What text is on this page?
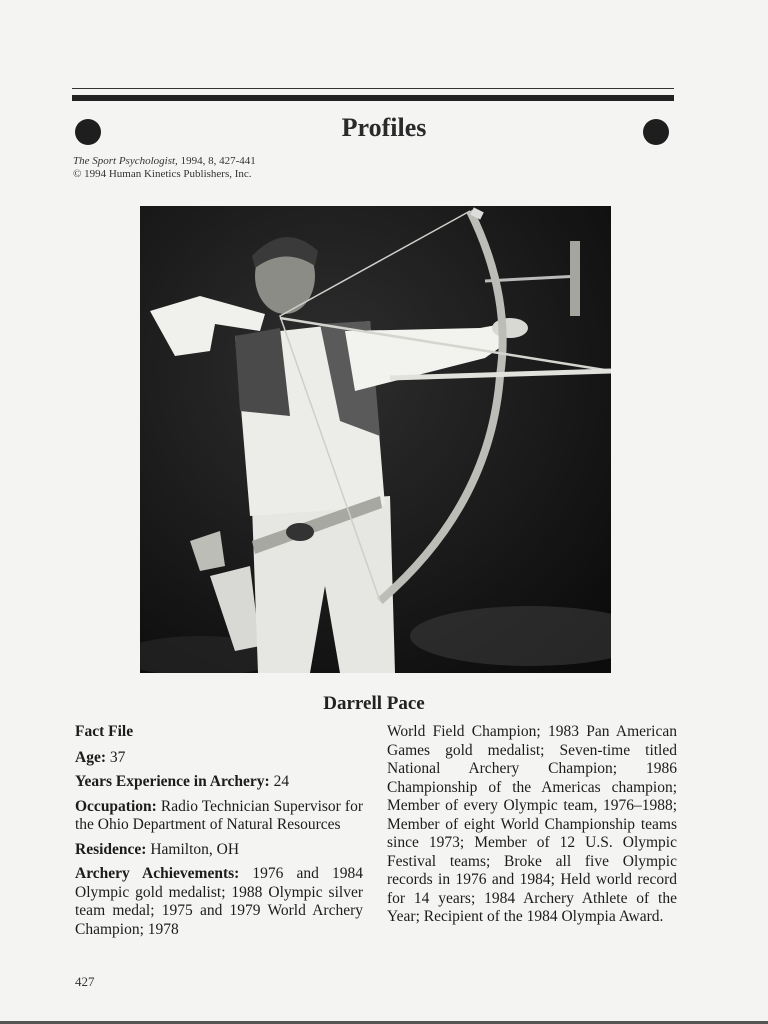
Profiles
The Sport Psychologist, 1994, 8, 427-441
© 1994 Human Kinetics Publishers, Inc.
Darrell Pace

Fact File

Age: 37

Years Experience in Archery: 24

Occupation: Radio Technician Supervisor for the Ohio Department of Natural Resources

Residence: Hamilton, OH

Archery Achievements: 1976 and 1984 Olympic gold medalist; 1988 Olympic silver team medal; 1975 and 1979 World Archery Champion; 1978

World Field Champion; 1983 Pan American Games gold medalist; Seven-time titled National Archery Champion; 1986 Championship of the Americas champion; Member of every Olympic team, 1976–1988; Member of eight World Championship teams since 1973; Member of 12 U.S. Olympic Festival teams; Broke all five Olympic records in 1976 and 1984; Held world record for 14 years; 1984 Archery Athlete of the Year; Recipient of the 1984 Olympia Award.

427
